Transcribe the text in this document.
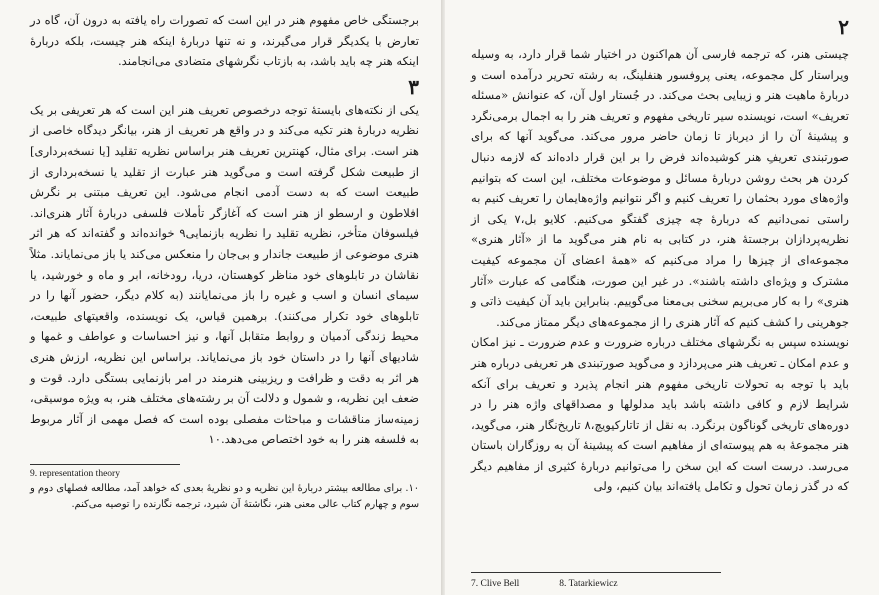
برجستگی خاص مفهوم هنر در این است که تصورات راه یافته به درون آن، گاه در تعارض با یکدیگر قرار می‌گیرند، و نه تنها دربارهٔ اینکه هنر چیست، بلکه دربارهٔ اینکه هنر چه باید باشد، به بازتاب نگرشهای متضادی می‌انجامند.

۳

یکی از نکته‌های بایستهٔ توجه درخصوص تعریف هنر این است که هر تعریفی بر یک نظریه دربارهٔ هنر تکیه می‌کند و در واقع هر تعریف از هنر، بیانگر دیدگاه خاصی از هنر است. برای مثال، کهنترین تعریف هنر براساس نظریه تقلید [یا نسخه‌برداری] از طبیعت شکل گرفته است و می‌گوید هنر عبارت از تقلید یا نسخه‌برداری از طبیعت است که به دست آدمی انجام می‌شود. این تعریف مبتنی بر نگرش افلاطون و ارسطو از هنر است که آغازگر تأملات فلسفی دربارهٔ آثار هنری‌اند. فیلسوفان متأخر، نظریه تقلید را نظریه بازنمایی۹ خوانده‌اند و گفته‌اند که هر اثر هنری موضوعی از طبیعت جاندار و بی‌جان را منعکس می‌کند یا باز می‌نمایاند. مثلاً نقاشان در تابلوهای خود مناظر کوهستان، دریا، رودخانه، ابر و ماه و خورشید، یا سیمای انسان و اسب و غیره را باز می‌نمایانند (به کلام دیگر، حضور آنها را در تابلوهای خود تکرار می‌کنند). برهمین قیاس، یک نویسنده، واقعیتهای طبیعت، محیط زندگی آدمیان و روابط متقابل آنها، و نیز احساسات و عواطف و غمها و شادیهای آنها را در داستان خود باز می‌نمایاند. براساس این نظریه، ارزش هنری هر اثر به دقت و ظرافت و ریزبینی هنرمند در امر بازنمایی بستگی دارد. قوت و ضعف این نظریه، و شمول و دلالت آن بر رشته‌های مختلف هنر، به ویژه موسیقی، زمینه‌ساز مناقشات و مباحثات مفصلی بوده است که فصل مهمی از آثار مربوط به فلسفه هنر را به خود اختصاص می‌دهد.۱۰

9. representation theory

۱۰. برای مطالعه بیشتر دربارهٔ این نظریه و دو نظریهٔ بعدی که خواهد آمد، مطالعه فصلهای دوم و سوم و چهارم کتاب عالی معنی هنر، نگاشتهٔ آن شیرد، ترجمه نگارنده را توصیه می‌کنم.

۲

چیستی هنر، که ترجمه فارسی آن هم‌اکنون در اختیار شما قرار دارد، به وسیله ویراستار کل مجموعه، یعنی پروفسور هنفلینگ، به رشته تحریر درآمده است و دربارهٔ ماهیت هنر و زیبایی بحث می‌کند. در جُستار اول آن، که عنوانش «مسئله تعریف» است، نویسنده سیر تاریخی مفهوم و تعریف هنر را به اجمال برمی‌نگرد و پیشینهٔ آن را از دیرباز تا زمان حاضر مرور می‌کند. می‌گوید آنها که برای صورتبندی تعریفِ هنر کوشیده‌اند فرض را بر این قرار داده‌اند که لازمه دنبال کردن هر بحث روشن دربارهٔ مسائل و موضوعات مختلف، این است که بتوانیم واژه‌های مورد بحثمان را تعریف کنیم و اگر نتوانیم واژه‌هایمان را تعریف کنیم به راستی نمی‌دانیم که دربارهٔ چه چیزی گفتگو می‌کنیم. کلایو بل،۷ یکی از نظریه‌پردازان برجستهٔ هنر، در کتابی به نام هنر می‌گوید ما از «آثار هنری» مجموعه‌ای از چیزها را مراد می‌کنیم که «همهٔ اعضای آن مجموعه کیفیت مشترک و ویژه‌ای داشته باشند». در غیر این صورت، هنگامی که عبارت «آثار هنری» را به کار می‌بریم سخنی بی‌معنا می‌گوییم. بنابراین باید آن کیفیت ذاتی و جوهرینی را کشف کنیم که آثار هنری را از مجموعه‌های دیگر ممتاز می‌کند.

نویسنده سپس به نگرشهای مختلف درباره ضرورت و عدم ضرورت ـ نیز امکان و عدم امکان ـ تعریف هنر می‌پردازد و می‌گوید صورتبندی هر تعریفی درباره هنر باید با توجه به تحولات تاریخی مفهوم هنر انجام پذیرد و تعریف برای آنکه شرایط لازم و کافی داشته باشد باید مدلولها و مصداقهای واژه هنر را در دوره‌های تاریخی گوناگون برنگرد. به نقل از تاتارکیویچ،۸ تاریخ‌نگار هنر، می‌گوید، هنر مجموعهٔ به هم پیوسته‌ای از مفاهیم است که پیشینهٔ آن به روزگاران باستان می‌رسد. درست است که این سخن را می‌توانیم دربارهٔ کثیری از مفاهیم دیگر که در گذر زمان تحول و تکامل یافته‌اند بیان کنیم، ولی

7. Clive Bell	8. Tatarkiewicz
